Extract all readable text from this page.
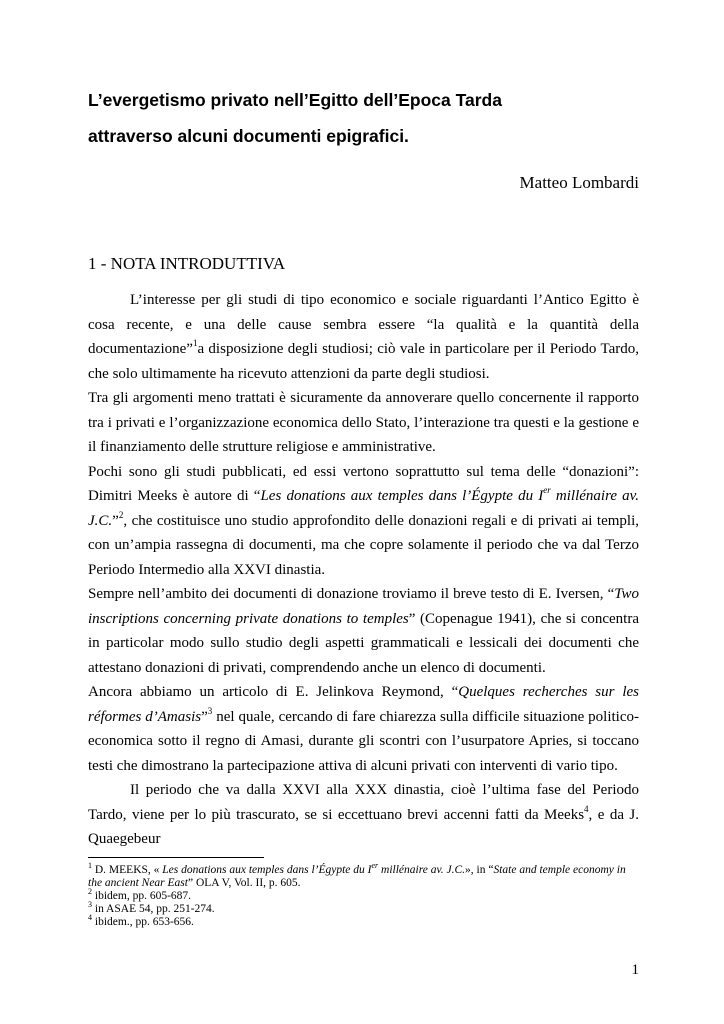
L’evergetismo privato nell’Egitto dell’Epoca Tarda
attraverso alcuni documenti epigrafici.
Matteo Lombardi
1 - NOTA INTRODUTTIVA

L’interesse per gli studi di tipo economico e sociale riguardanti l’Antico Egitto è cosa recente, e una delle cause sembra essere “la qualità e la quantità della documentazione”$^1$a disposizione degli studiosi; ciò vale in particolare per il Periodo Tardo, che solo ultimamente ha ricevuto attenzioni da parte degli studiosi.

Tra gli argomenti meno trattati è sicuramente da annoverare quello concernente il rapporto tra i privati e l’organizzazione economica dello Stato, l’interazione tra questi e la gestione e il finanziamento delle strutture religiose e amministrative.

Pochi sono gli studi pubblicati, ed essi vertono soprattutto sul tema delle “donazioni”: Dimitri Meeks è autore di “Les donations aux temples dans l’Égypte du Ier millénaire av. J.C.”$^2$, che costituisce uno studio approfondito delle donazioni regali e di privati ai templi, con un’ampia rassegna di documenti, ma che copre solamente il periodo che va dal Terzo Periodo Intermedio alla XXVI dinastia.

Sempre nell’ambito dei documenti di donazione troviamo il breve testo di E. Iversen, “Two inscriptions concerning private donations to temples” (Copenague 1941), che si concentra in particolar modo sullo studio degli aspetti grammaticali e lessicali dei documenti che attestano donazioni di privati, comprendendo anche un elenco di documenti.

Ancora abbiamo un articolo di E. Jelinkova Reymond, “Quelques recherches sur les réformes d’Amasis”$^3$ nel quale, cercando di fare chiarezza sulla difficile situazione politico-economica sotto il regno di Amasi, durante gli scontri con l’usurpatore Apries, si toccano testi che dimostrano la partecipazione attiva di alcuni privati con interventi di vario tipo.

Il periodo che va dalla XXVI alla XXX dinastia, cioè l’ultima fase del Periodo Tardo, viene per lo più trascurato, se si eccettuano brevi accenni fatti da Meeks$^4$, e da J. Quaegebeur

$^1$ D. MEEKS, « Les donations aux temples dans l’Égypte du Ier millénaire av. J.C.», in “State and temple economy in the ancient Near East” OLA V, Vol. II, p. 605.
$^2$ ibidem, pp. 605-687.
$^3$ in ASAE 54, pp. 251-274.
$^4$ ibidem., pp. 653-656.
1
